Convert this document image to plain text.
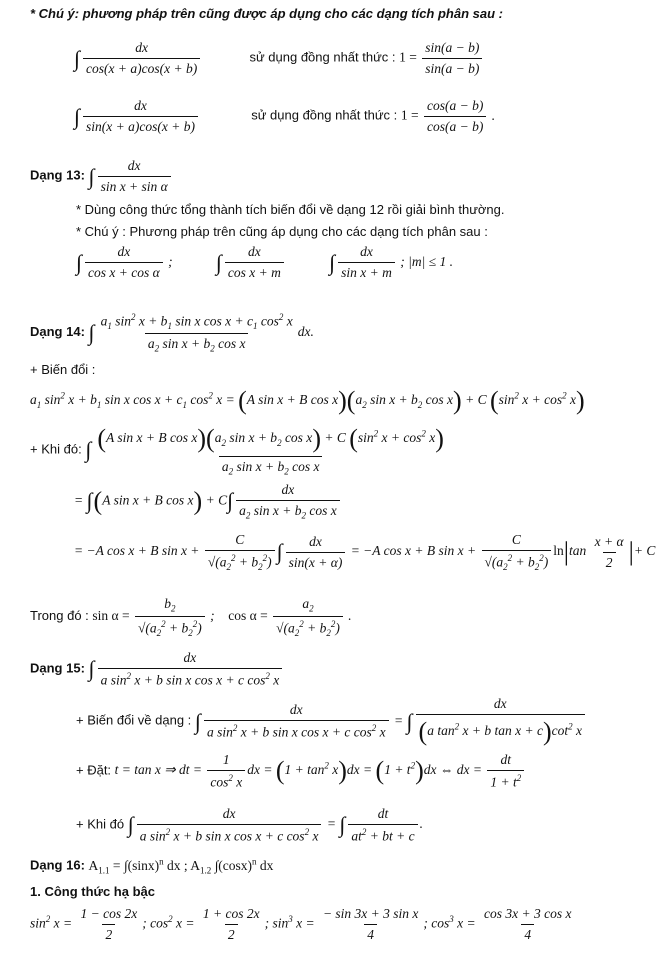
* Chú ý: phương pháp trên cũng được áp dụng cho các dạng tích phân sau :
∫ $\frac{dx}{\cos(x + a)\cos(x + b)}$	sử dụng đồng nhất thức : $1 = \frac{\sin(a - b)}{\sin(a - b)}$
∫ $\frac{dx}{\sin(x + a)\cos(x + b)}$	sử dụng đồng nhất thức : $1 = \frac{\cos(a - b)}{\cos(a - b)}$ .
Dạng 13: ∫ $\frac{dx}{\text{sin x + sin α}}$
* Dùng công thức tổng thành tích biến đổi về dạng 12 rồi giải bình thường.
* Chú ý : Phương pháp trên cũng áp dụng cho các dạng tích phân sau :
∫ $\frac{dx}{\text{cos x + cos α}}$ ; ∫ $\frac{dx}{\text{cos x + m}}$ ∫ $\frac{dx}{\text{sin x + m}}$ ; |m| ≤ 1 .
Dạng 14: ∫ $\frac{a_1 \sin^2 x + b_1 \sin x \cos x + c_1 \cos^2 x}{a_2 \sin x + b_2 \cos x}$ dx.
+ Biến đổi :
$a_1$ $\sin^2 x + b_1$ sin x $\cos x + c_1$ $\cos^2 x = (A$ sin x + B $\cos x)(a_2$ $\sin x + b_2$ cos x) + C ($\sin^2$ $x + \cos^2 x$)
+ Khi đó: ∫ (A sin x + B $\cos x)(a_2$ $\sin x + b_2$ cos x) + C ($\sin^2$ $x + \cos^2 x$)
$a_2$ $\sin x + b_2$ cos x
= ∫(A sin x + B $\cos x) + C\int \frac{dx}{a_2 \sin x + b_2 \cos x}$
= −A cos x + B $\sin x + \frac{C}{√(a_2^2 + b_2^2)}$ ∫ $\frac{dx}{\sin(x + \alpha)} = -A$ cos x + B $\sin x + \frac{C}{√(a_2^2 + b_2^2)} \ln|\tan \frac{x + \alpha}{2}$ |+ C
Trong đó : $\sin \alpha = \frac{b_2}{√(a_2^2 + b_2^2)}$ ; $\cos \alpha = \frac{a_2}{√(a_2^2 + b_2^2)}$ .
Dạng 15: ∫ $\frac{dx}{a \sin^2 x + b \sin x \cos x + c \cos^2 x}$
+ Biến đổi về dạng : ∫ $\frac{dx}{a \sin^2 x + b \sin x \cos x + c \cos^2 x}$ = ∫ $\frac{dx}{(a \tan^2 x + b \tan x + c)\cot^2 x}$
+ Đặt: t = tan x ⇒ dt = $\frac{1}{\cos^2 x}$ dx = $(1 + \tan^2 x)dx = (1 + t^2)dx$ ⇔ dx = $\frac{dt}{1 + t^2}$
+ Khi đó ∫ $\frac{dx}{a \sin^2 x + b \sin x \cos x + c \cos^2 x}$ = ∫ $\frac{dt}{at^2 + bt + c}$ .
Dạng 16: $A_{1.1} = \int(\sin x)^n$ dx ; $A_{1.2}$ $\int(\cos x)^n$ dx
1. Công thức hạ bậc
$\sin^2 x = \frac{1 - \cos 2x}{2}$ ; $\cos^2 x = \frac{1 + \cos 2x}{2}$ ; $\sin^3 x = \frac{\text{− sin 3x + 3 sin x}}{4}$ ; $\cos^3 x = \frac{\text{cos 3x + 3 cos x}}{4}$
